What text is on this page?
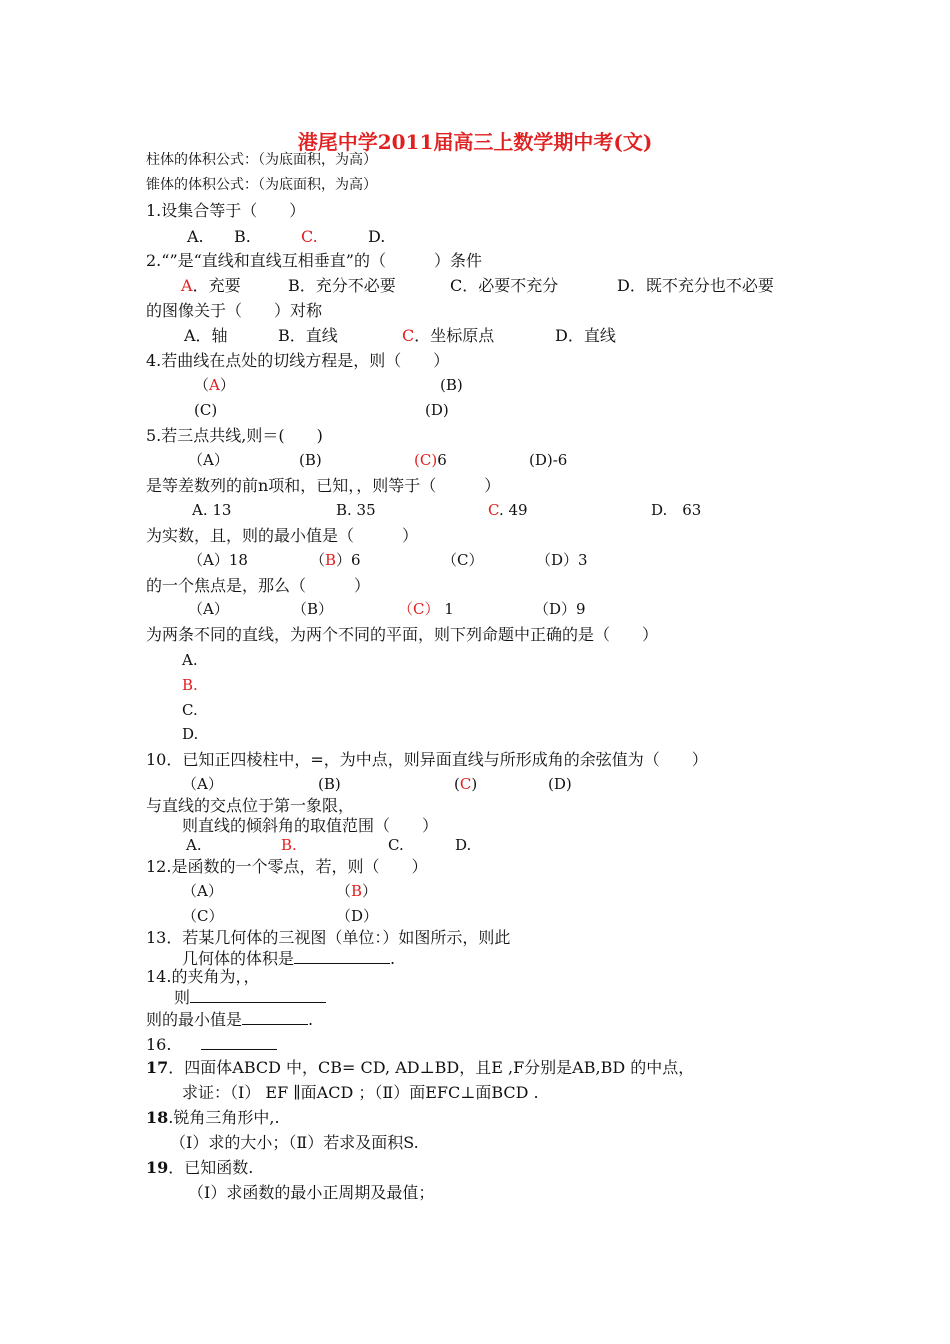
港尾中学2011届高三上数学期中考(文)
柱体的体积公式：（为底面积，为高）
锥体的体积公式：（为底面积，为高）
1.设集合等于（　　）
A. B.	C.	D.
2.“”是“直线和直线互相垂直”的（　　　）条件
A．充要	B．充分不必要	C．必要不充分	D．既不充分也不必要
的图像关于（　　）对称
A．轴	B．直线	C．坐标原点	D．直线
4.若曲线在点处的切线方程是，则（　　）
（A）	(B)
(C)	(D)
5.若三点共线,则＝(　　)
（A）	(B)	(C)6	(D)-6
是等差数列的前n项和，已知，，则等于（　　　）
A. 13	B. 35	C. 49	D.　63
为实数，且，则的最小值是（　　　）
（A）18	（B）6	（C）	（D）3
的一个焦点是，那么（　　　）
（A）	（B）	（C） 1	（D）9
为两条不同的直线，为两个不同的平面，则下列命题中正确的是（　　）
A.
B.
C.
D.
10．已知正四棱柱中，=，为中点，则异面直线与所形成角的余弦值为（　　）
（A）	(B)	(C)	(D)
与直线的交点位于第一象限，
则直线的倾斜角的取值范围（　　）
A.	B.	C.	D.
12.是函数的一个零点，若，则（　　）
（A）	（B）
（C）	（D）
13．若某几何体的三视图（单位：）如图所示，则此
几何体的体积是	.
14.的夹角为，，
则
则的最小值是	.
16.
17．四面体ABCD 中，CB= CD, AD⊥BD，且E ,F分别是AB,BD 的中点，
求证：（Ⅰ） EF ∥面ACD ；（Ⅱ）面EFC⊥面BCD .
18.锐角三角形中,.
（Ⅰ）求的大小；（Ⅱ）若求及面积S.
19．已知函数.
（Ⅰ）求函数的最小正周期及最值；
